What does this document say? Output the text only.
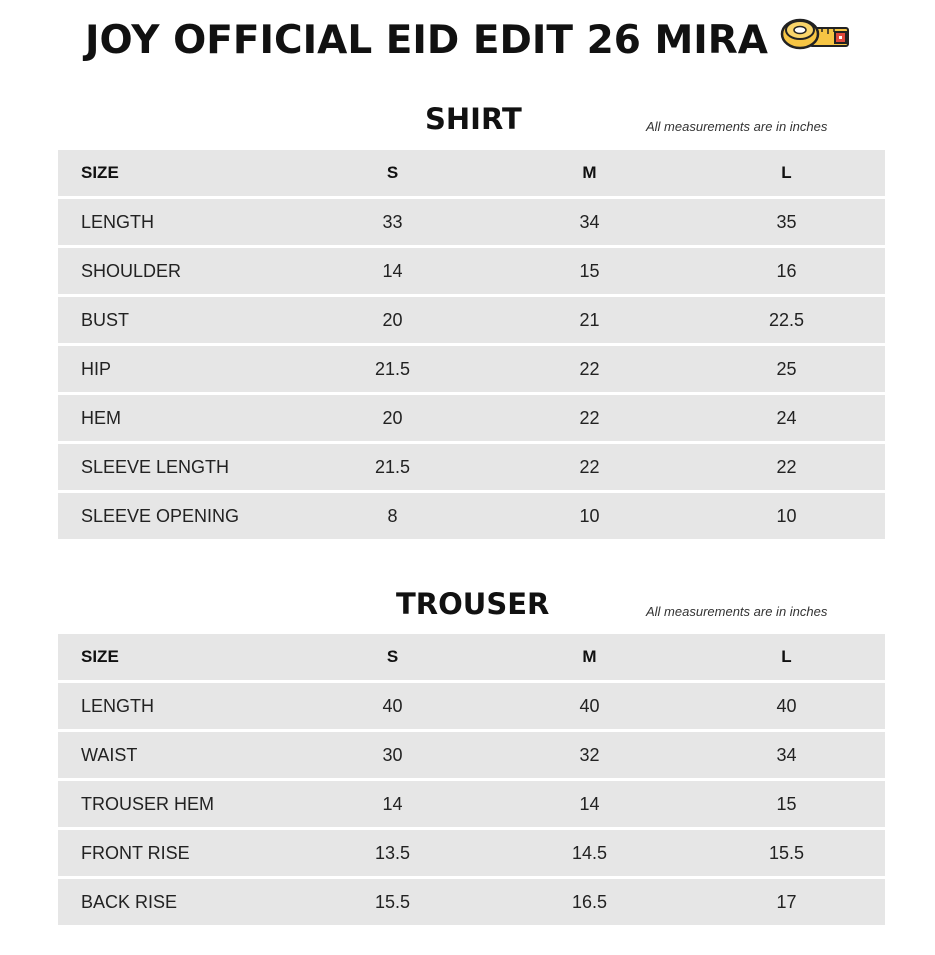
JOY OFFICIAL EID EDIT 26 MIRA
SHIRT	All measurements are in inches
SIZE	S	M	L
LENGTH	33	34	35
SHOULDER	14	15	16
BUST	20	21	22.5
HIP	21.5	22	25
HEM	20	22	24
SLEEVE LENGTH	21.5	22	22
SLEEVE OPENING	8	10	10
TROUSER	All measurements are in inches
SIZE	S	M	L
LENGTH	40	40	40
WAIST	30	32	34
TROUSER HEM	14	14	15
FRONT RISE	13.5	14.5	15.5
BACK RISE	15.5	16.5	17
